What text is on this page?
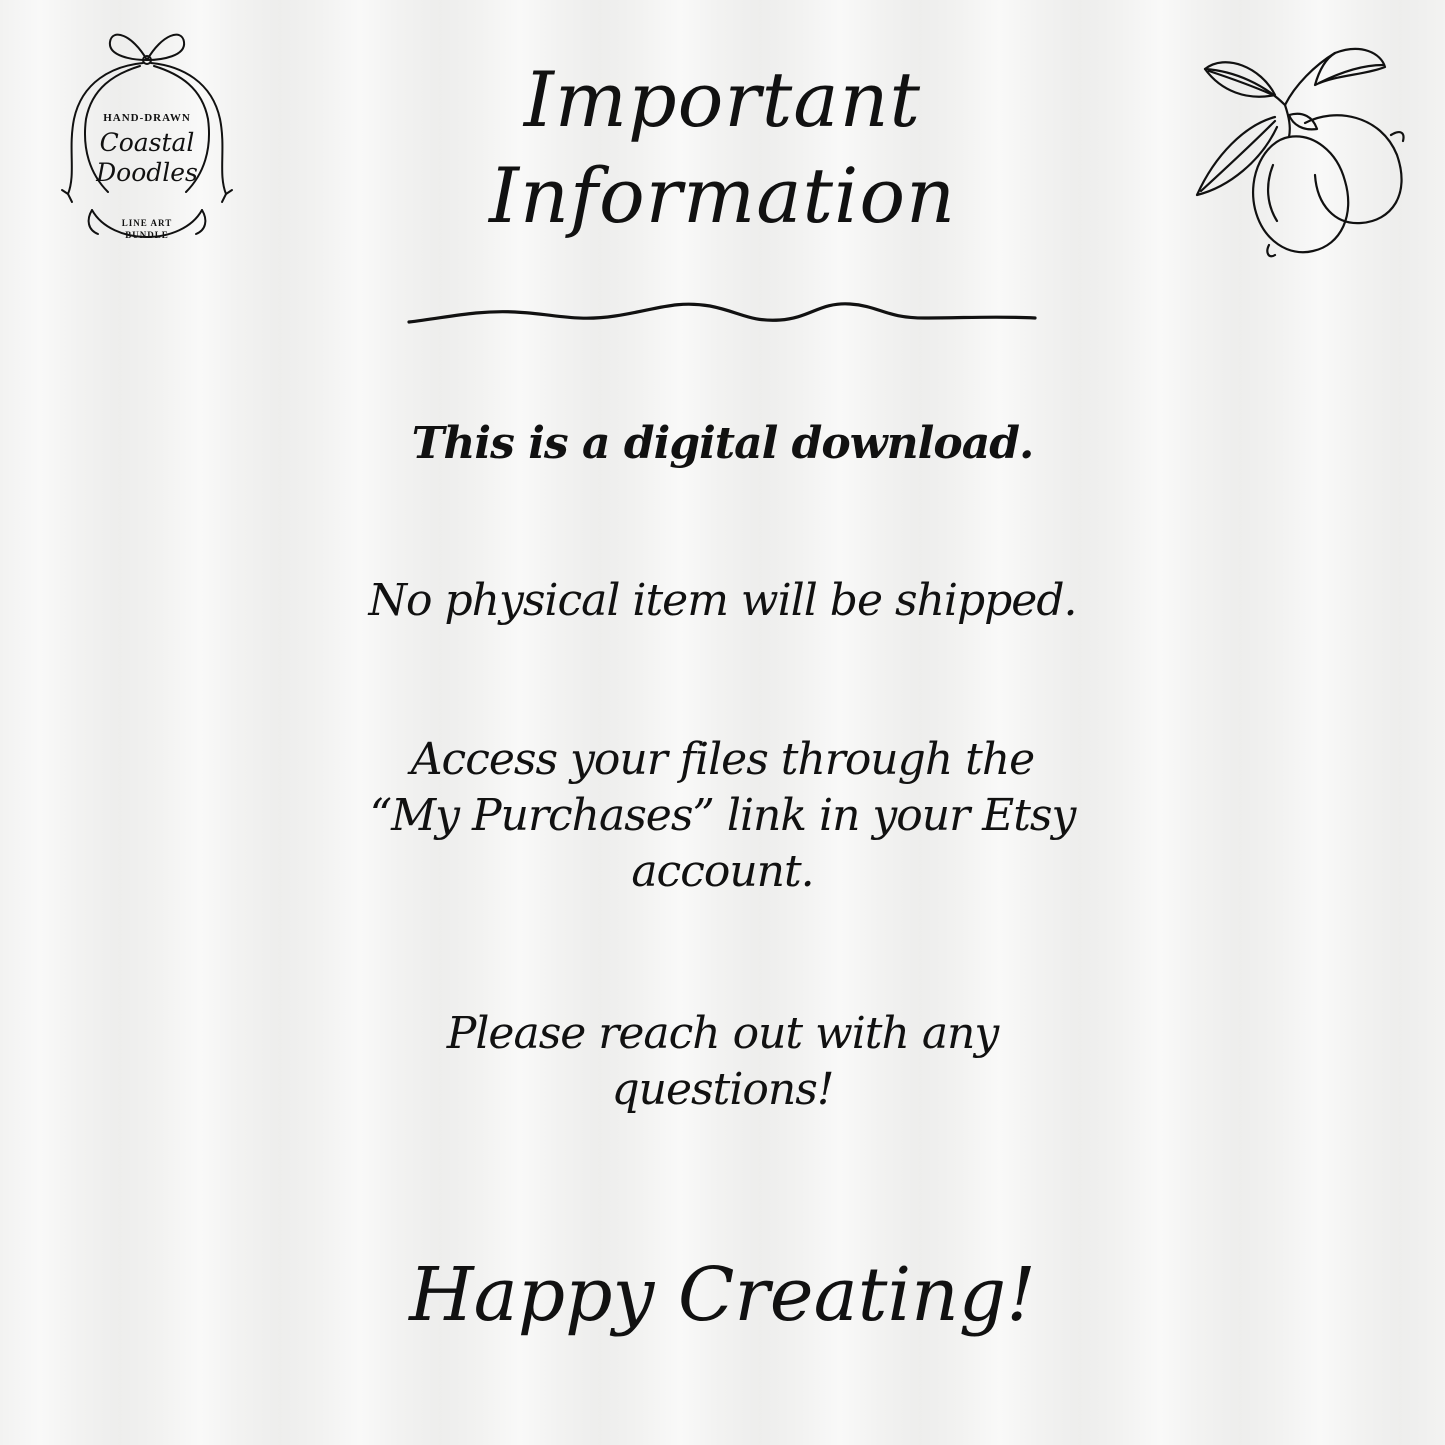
HAND-DRAWN
Coastal
Doodles
LINE ART
BUNDLE
Important
Information

This is a digital download.

No physical item will be shipped.

Access your files through the
“My Purchases” link in your Etsy
account.

Please reach out with any
questions!

Happy Creating!
